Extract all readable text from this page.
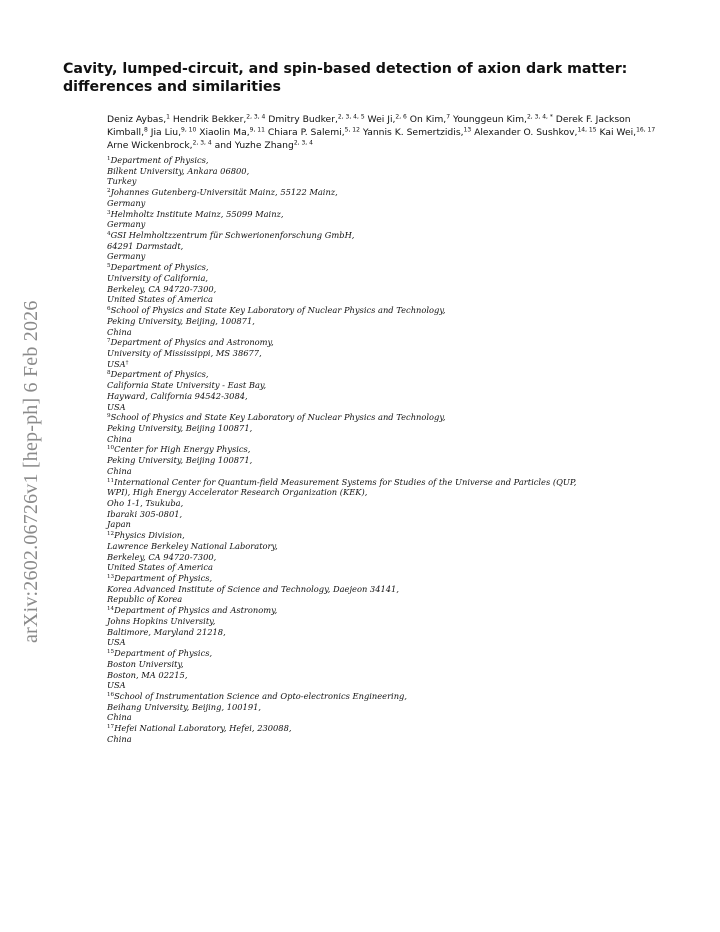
arXiv:2602.06726v1 [hep-ph] 6 Feb 2026
Cavity, lumped-circuit, and spin-based detection of axion dark matter: differences and similarities
Deniz Aybas,$^1$ Hendrik Bekker,$^{2, 3, 4}$ Dmitry Budker,$^{2, 3, 4, 5}$ Wei Ji,$^{2, 6}$ On Kim,$^7$ Younggeun Kim,$^{2, 3, 4, *}$ Derek F. Jackson Kimball,$^8$ Jia Liu,$^{9, 10}$ Xiaolin Ma,$^{9, 11}$ Chiara P. Salemi,$^{5, 12}$ Yannis K. Semertzidis,$^{13}$ Alexander O. Sushkov,$^{14, 15}$ Kai Wei,$^{16, 17}$ Arne Wickenbrock,$^{2, 3, 4}$ and Yuzhe Zhang$^{2, 3, 4}$
$^1$Department of Physics,
Bilkent University, Ankara 06800,
Turkey
$^2$Johannes Gutenberg-Universität Mainz, 55122 Mainz,
Germany
$^3$Helmholtz Institute Mainz, 55099 Mainz,
Germany
$^4$GSI Helmholtzzentrum für Schwerionenforschung GmbH,
64291 Darmstadt,
Germany
$^5$Department of Physics,
University of California,
Berkeley, CA 94720-7300,
United States of America
$^6$School of Physics and State Key Laboratory of Nuclear Physics and Technology,
Peking University, Beijing, 100871,
China
$^7$Department of Physics and Astronomy,
University of Mississippi, MS 38677,
USA†
$^8$Department of Physics,
California State University - East Bay,
Hayward, California 94542-3084,
USA
$^9$School of Physics and State Key Laboratory of Nuclear Physics and Technology,
Peking University, Beijing 100871,
China
$^{10}$Center for High Energy Physics,
Peking University, Beijing 100871,
China
$^{11}$International Center for Quantum-field Measurement Systems for Studies of the Universe and Particles (QUP,
WPI), High Energy Accelerator Research Organization (KEK),
Oho 1-1, Tsukuba,
Ibaraki 305-0801,
Japan
$^{12}$Physics Division,
Lawrence Berkeley National Laboratory,
Berkeley, CA 94720-7300,
United States of America
$^{13}$Department of Physics,
Korea Advanced Institute of Science and Technology, Daejeon 34141,
Republic of Korea
$^{14}$Department of Physics and Astronomy,
Johns Hopkins University,
Baltimore, Maryland 21218,
USA
$^{15}$Department of Physics,
Boston University,
Boston, MA 02215,
USA
$^{16}$School of Instrumentation Science and Opto-electronics Engineering,
Beihang University, Beijing, 100191,
China
$^{17}$Hefei National Laboratory, Hefei, 230088,
China
